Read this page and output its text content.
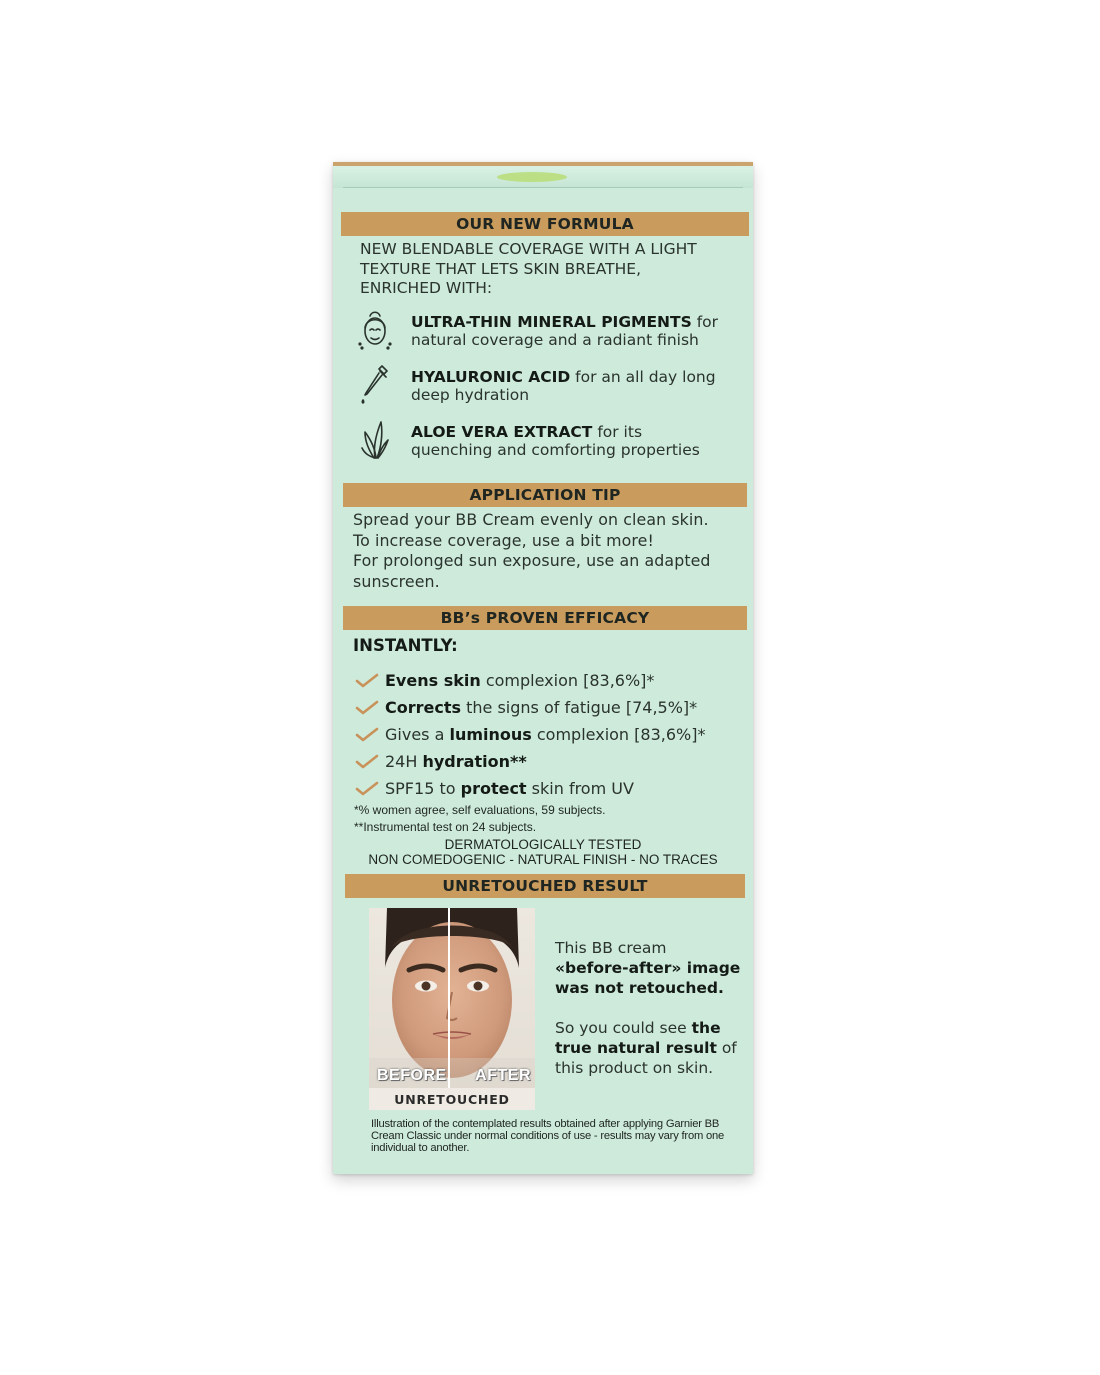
OUR NEW FORMULA
NEW BLENDABLE COVERAGE WITH A LIGHT
TEXTURE THAT LETS SKIN BREATHE,
ENRICHED WITH:
ULTRA-THIN MINERAL PIGMENTS for
natural coverage and a radiant finish
HYALURONIC ACID for an all day long
deep hydration
ALOE VERA EXTRACT for its
quenching and comforting properties
APPLICATION TIP
Spread your BB Cream evenly on clean skin.
To increase coverage, use a bit more!
For prolonged sun exposure, use an adapted
sunscreen.
BB’s PROVEN EFFICACY
INSTANTLY:
Evens skin complexion [83,6%]*
Corrects the signs of fatigue [74,5%]*
Gives a luminous complexion [83,6%]*
24H hydration**
SPF15 to protect skin from UV
*% women agree, self evaluations, 59 subjects.
**Instrumental test on 24 subjects.
DERMATOLOGICALLY TESTED
NON COMEDOGENIC - NATURAL FINISH - NO TRACES
UNRETOUCHED RESULT
BEFORE AFTER
UNRETOUCHED
This BB cream
«before-after» image
was not retouched.
So you could see the
true natural result of
this product on skin.
Illustration of the contemplated results obtained after applying Garnier BB Cream Classic under normal conditions of use - results may vary from one individual to another.
